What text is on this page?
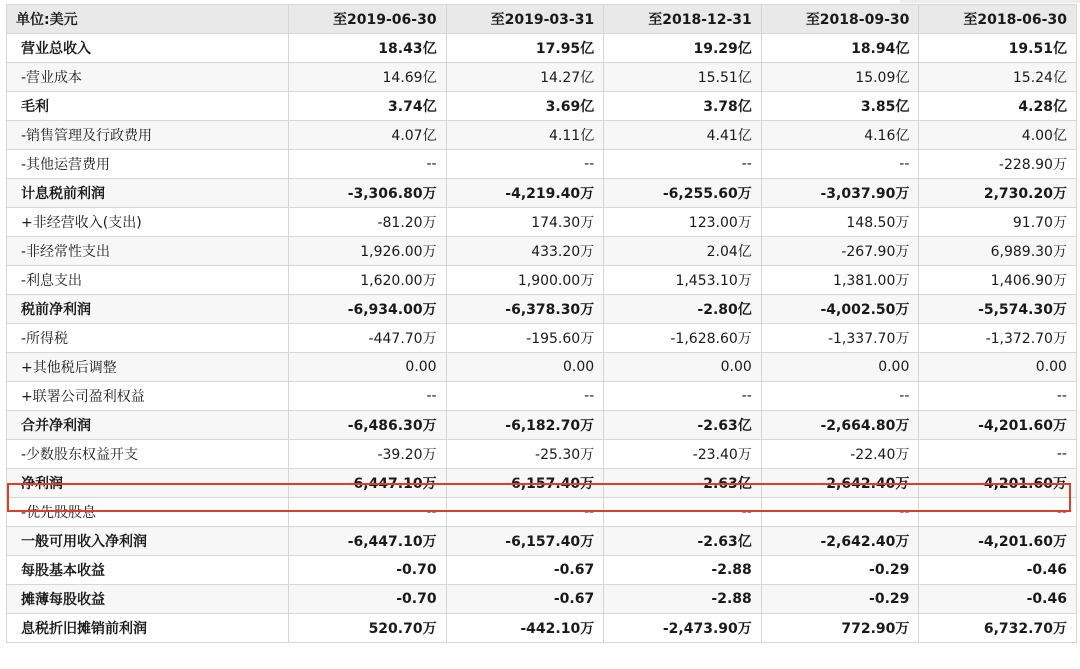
单位:美元	至2019-06-30	至2019-03-31	至2018-12-31	至2018-09-30	至2018-06-30
营业总收入	18.43亿	17.95亿	19.29亿	18.94亿	19.51亿
-营业成本	14.69亿	14.27亿	15.51亿	15.09亿	15.24亿
毛利	3.74亿	3.69亿	3.78亿	3.85亿	4.28亿
-销售管理及行政费用	4.07亿	4.11亿	4.41亿	4.16亿	4.00亿
-其他运营费用	--	--	--	--	-228.90万
计息税前利润	-3,306.80万	-4,219.40万	-6,255.60万	-3,037.90万	2,730.20万
+非经营收入(支出)	-81.20万	174.30万	123.00万	148.50万	91.70万
-非经常性支出	1,926.00万	433.20万	2.04亿	-267.90万	6,989.30万
-利息支出	1,620.00万	1,900.00万	1,453.10万	1,381.00万	1,406.90万
税前净利润	-6,934.00万	-6,378.30万	-2.80亿	-4,002.50万	-5,574.30万
-所得税	-447.70万	-195.60万	-1,628.60万	-1,337.70万	-1,372.70万
+其他税后调整	0.00	0.00	0.00	0.00	0.00
+联署公司盈利权益	--	--	--	--	--
合并净利润	-6,486.30万	-6,182.70万	-2.63亿	-2,664.80万	-4,201.60万
-少数股东权益开支	-39.20万	-25.30万	-23.40万	-22.40万	--
净利润	-6,447.10万	-6,157.40万	-2.63亿	-2,642.40万	-4,201.60万
-优先股股息	--	--	--	--	--
一般可用收入净利润	-6,447.10万	-6,157.40万	-2.63亿	-2,642.40万	-4,201.60万
每股基本收益	-0.70	-0.67	-2.88	-0.29	-0.46
摊薄每股收益	-0.70	-0.67	-2.88	-0.29	-0.46
息税折旧摊销前利润	520.70万	-442.10万	-2,473.90万	772.90万	6,732.70万
